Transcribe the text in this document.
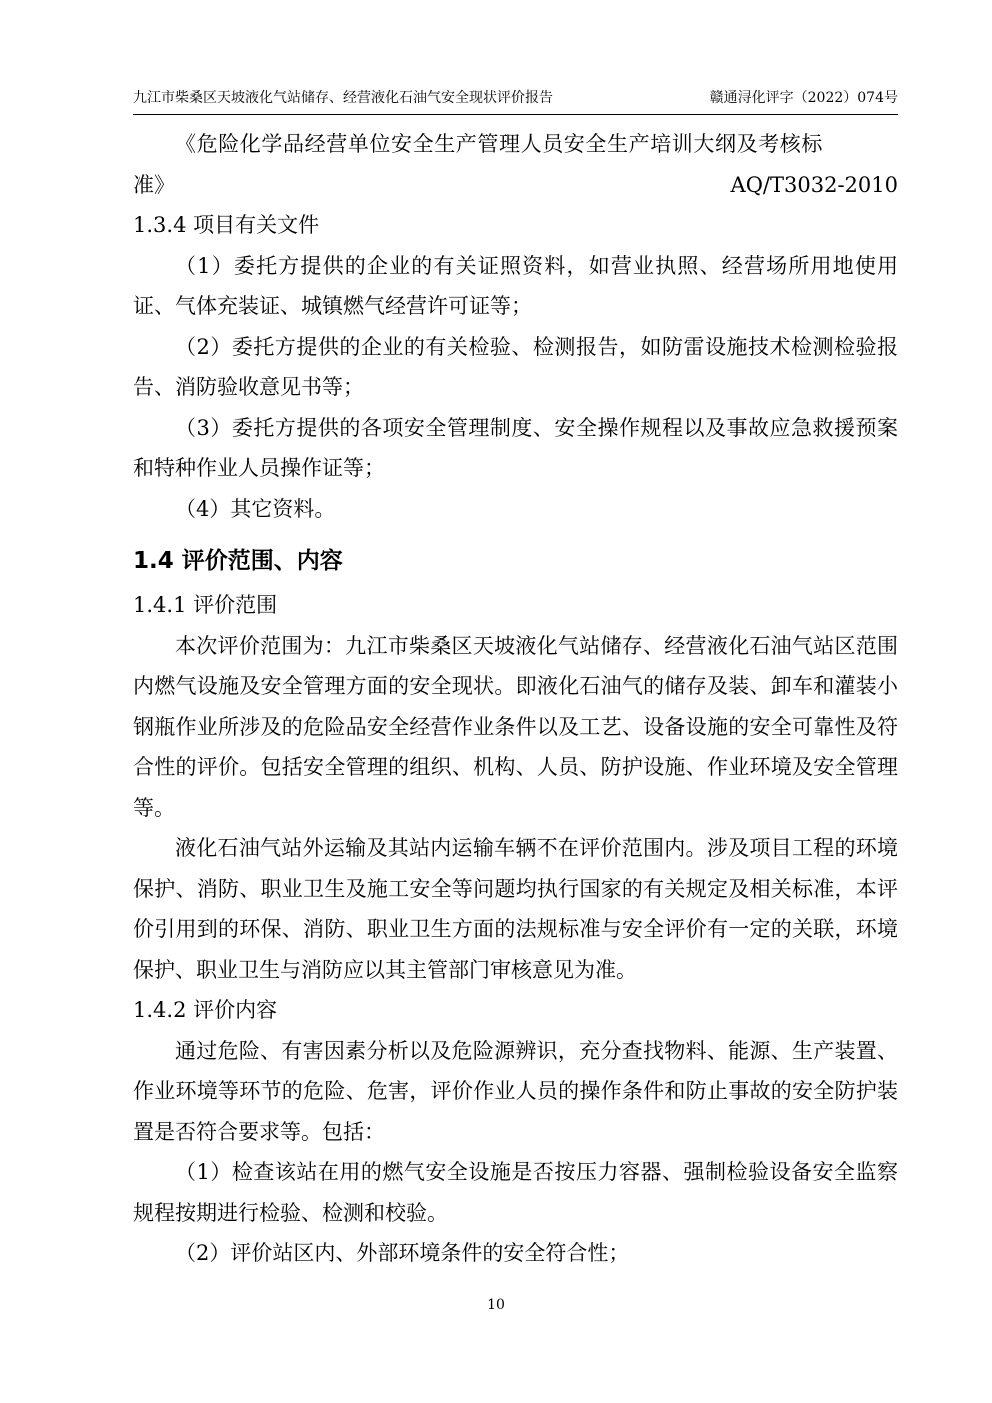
九江市柴桑区天坡液化气站储存、经营液化石油气安全现状评价报告	赣通浔化评字（2022）074号

《危险化学品经营单位安全生产管理人员安全生产培训大纲及考核标

准》	AQ/T3032-2010
1.3.4 项目有关文件

（1）委托方提供的企业的有关证照资料，如营业执照、经营场所用地使用证、气体充装证、城镇燃气经营许可证等；

（2）委托方提供的企业的有关检验、检测报告，如防雷设施技术检测检验报告、消防验收意见书等；

（3）委托方提供的各项安全管理制度、安全操作规程以及事故应急救援预案和特种作业人员操作证等；

（4）其它资料。

1.4 评价范围、内容
1.4.1 评价范围

本次评价范围为：九江市柴桑区天坡液化气站储存、经营液化石油气站区范围内燃气设施及安全管理方面的安全现状。即液化石油气的储存及装、卸车和灌装小钢瓶作业所涉及的危险品安全经营作业条件以及工艺、设备设施的安全可靠性及符合性的评价。包括安全管理的组织、机构、人员、防护设施、作业环境及安全管理等。

液化石油气站外运输及其站内运输车辆不在评价范围内。涉及项目工程的环境保护、消防、职业卫生及施工安全等问题均执行国家的有关规定及相关标准，本评价引用到的环保、消防、职业卫生方面的法规标准与安全评价有一定的关联，环境保护、职业卫生与消防应以其主管部门审核意见为准。

1.4.2 评价内容

通过危险、有害因素分析以及危险源辨识，充分查找物料、能源、生产装置、作业环境等环节的危险、危害，评价作业人员的操作条件和防止事故的安全防护装置是否符合要求等。包括：

（1）检查该站在用的燃气安全设施是否按压力容器、强制检验设备安全监察规程按期进行检验、检测和校验。

（2）评价站区内、外部环境条件的安全符合性；

10
